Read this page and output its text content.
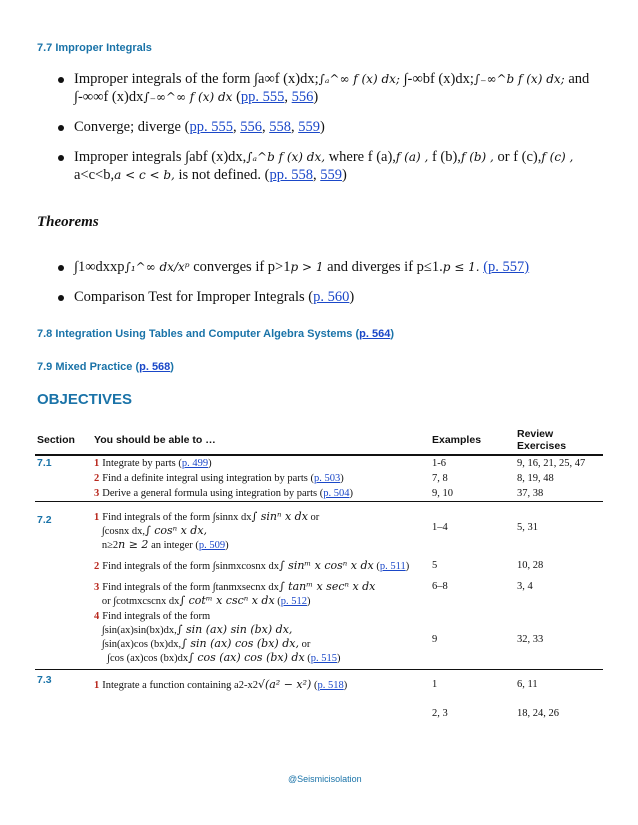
7.7 Improper Integrals
Improper integrals of the form ∫a∞f (x)dx;∫ₐ^∞ f (x) dx; ∫-∞bf (x)dx;∫₋∞^b f (x) dx; and ∫-∞∞f (x)dx∫₋∞^∞ f (x) dx (pp. 555, 556)
Converge; diverge (pp. 555, 556, 558, 559)
Improper integrals ∫abf (x)dx,∫ₐ^b f (x) dx, where f (a),f (a) , f (b),f (b) , or f (c),f (c) , a<c<b,a < c < b, is not defined. (pp. 558, 559)
Theorems
∫1∞dxxp∫₁^∞ dx/xᵖ converges if p>1p > 1 and diverges if p≤1.p ≤ 1. (p. 557)
Comparison Test for Improper Integrals (p. 560)
7.8 Integration Using Tables and Computer Algebra Systems (p. 564)
7.9 Mixed Practice (p. 568)
OBJECTIVES
Section	You should be able to …	Examples	Review Exercises
7.1	1 Integrate by parts (p. 499)	1-6	9, 16, 21, 25, 47
	2 Find a definite integral using integration by parts (p. 503)	7, 8	8, 19, 48
	3 Derive a general formula using integration by parts (p. 504)	9, 10	37, 38
7.2	1 Find integrals of the form ∫sinnx dx∫ sinⁿ x dx or
∫cosnx dx,∫ cosⁿ x dx,
n≥2n ≥ 2 an integer (p. 509)	1–4	5, 31
	2 Find integrals of the form ∫sinmxcosnx dx∫ sinᵐ x cosⁿ x dx (p. 511)	5	10, 28
	3 Find integrals of the form ∫tanmxsecnx dx∫ tanᵐ x secⁿ x dx
or ∫cotmxcscnx dx∫ cotᵐ x cscⁿ x dx (p. 512)	6–8	3, 4
	4 Find integrals of the form
∫sin(ax)sin(bx)dx,∫ sin (ax) sin (bx) dx,
∫sin(ax)cos (bx)dx,∫ sin (ax) cos (bx) dx, or
∫cos (ax)cos (bx)dx∫ cos (ax) cos (bx) dx (p. 515)	9	32, 33
7.3	1 Integrate a function containing a2-x2√(a² − x²) (p. 518)	1	6, 11
		2, 3	18, 24, 26
@Seismicisolation
